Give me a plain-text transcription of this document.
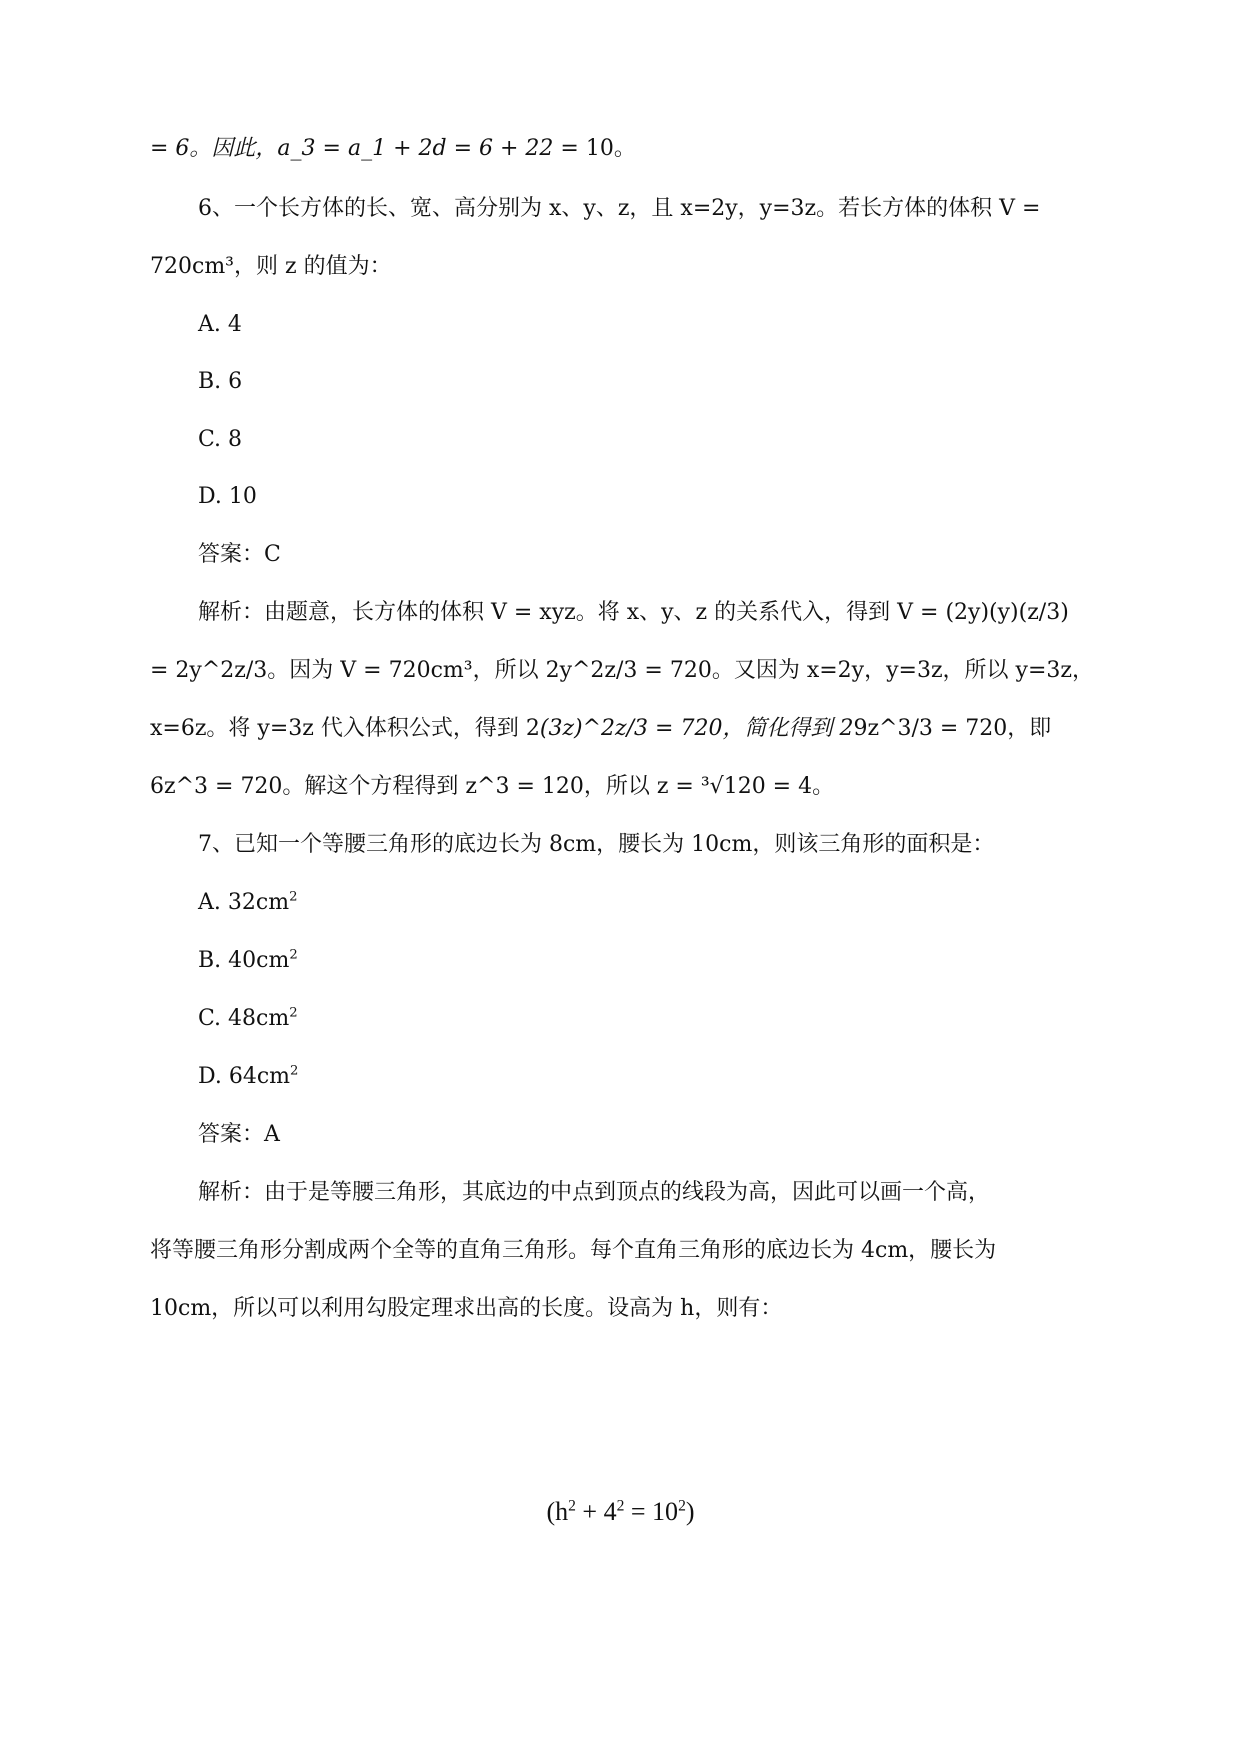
= 6。因此，a_3 = a_1 + 2d = 6 + 22 = 10。
6、一个长方体的长、宽、高分别为 x、y、z，且 x=2y，y=3z。若长方体的体积 V =
720cm³，则 z 的值为：
A. 4
B. 6
C. 8
D. 10
答案：C
解析：由题意，长方体的体积 V = xyz。将 x、y、z 的关系代入，得到 V = (2y)(y)(z/3)
= 2y^2z/3。因为 V = 720cm³，所以 2y^2z/3 = 720。又因为 x=2y，y=3z，所以 y=3z，
x=6z。将 y=3z 代入体积公式，得到 2(3z)^2z/3 = 720，简化得到 29z^3/3 = 720，即
6z^3 = 720。解这个方程得到 z^3 = 120，所以 z = ³√120 = 4。
7、已知一个等腰三角形的底边长为 8cm，腰长为 10cm，则该三角形的面积是：
A. $32cm^2$
B. $40cm^2$
C. $48cm^2$
D. $64cm^2$
答案：A
解析：由于是等腰三角形，其底边的中点到顶点的线段为高，因此可以画一个高，
将等腰三角形分割成两个全等的直角三角形。每个直角三角形的底边长为 4cm，腰长为
10cm，所以可以利用勾股定理求出高的长度。设高为 h，则有：
$(h^2 + 4^2 = 10^2)$
